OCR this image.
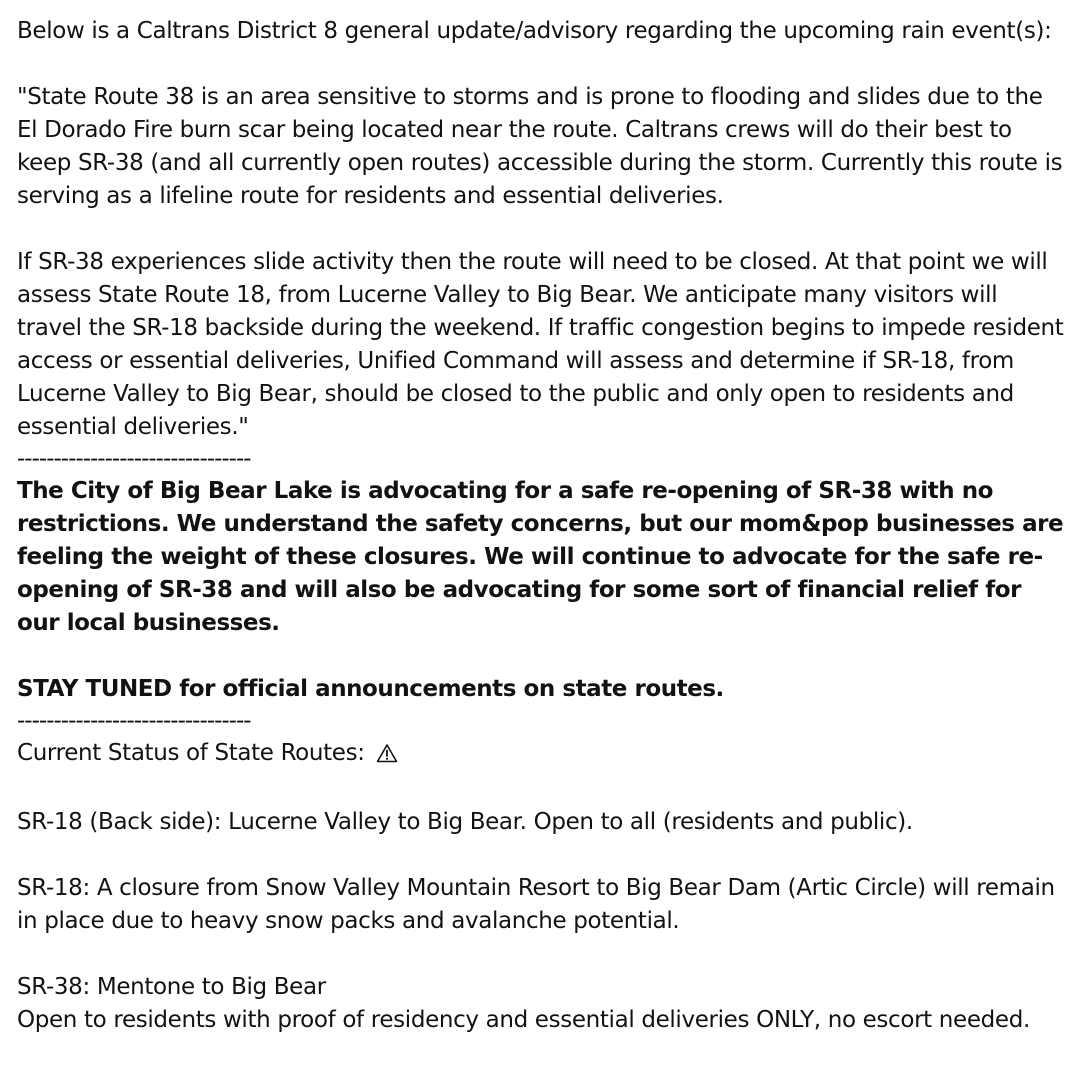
Below is a Caltrans District 8 general update/advisory regarding the upcoming rain event(s):

"State Route 38 is an area sensitive to storms and is prone to flooding and slides due to the El Dorado Fire burn scar being located near the route. Caltrans crews will do their best to keep SR-38 (and all currently open routes) accessible during the storm. Currently this route is serving as a lifeline route for residents and essential deliveries.

If SR-38 experiences slide activity then the route will need to be closed. At that point we will assess State Route 18, from Lucerne Valley to Big Bear. We anticipate many visitors will travel the SR-18 backside during the weekend. If traffic congestion begins to impede resident access or essential deliveries, Unified Command will assess and determine if SR-18, from Lucerne Valley to Big Bear, should be closed to the public and only open to residents and essential deliveries."

--------------------------------

The City of Big Bear Lake is advocating for a safe re-opening of SR-38 with no restrictions. We understand the safety concerns, but our mom&pop businesses are feeling the weight of these closures. We will continue to advocate for the safe re-opening of SR-38 and will also be advocating for some sort of financial relief for our local businesses.

STAY TUNED for official announcements on state routes.

--------------------------------

Current Status of State Routes:

SR-18 (Back side): Lucerne Valley to Big Bear. Open to all (residents and public).

SR-18: A closure from Snow Valley Mountain Resort to Big Bear Dam (Artic Circle) will remain in place due to heavy snow packs and avalanche potential.

SR-38: Mentone to Big Bear

Open to residents with proof of residency and essential deliveries ONLY, no escort needed.
